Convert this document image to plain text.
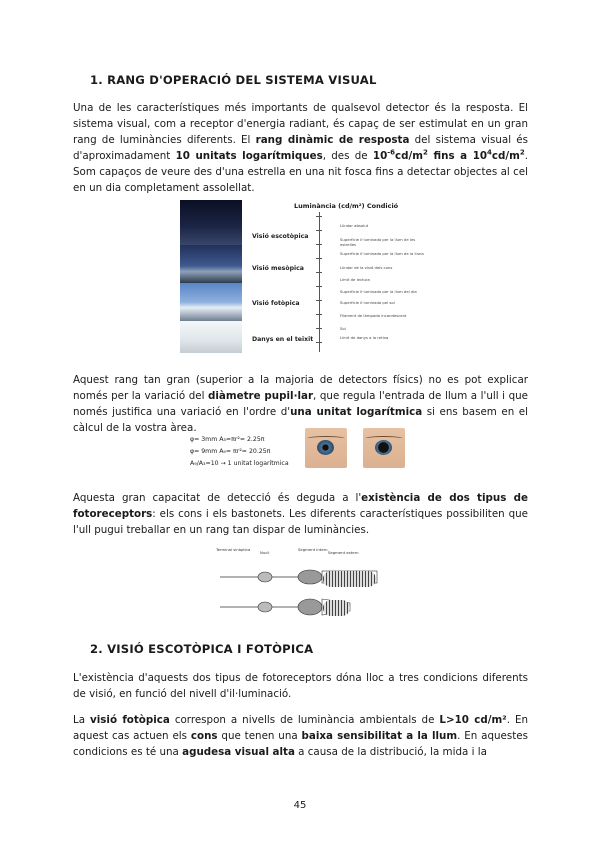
1. RANG D'OPERACIÓ DEL SISTEMA VISUAL

Una de les característiques més importants de qualsevol detector és la resposta. El sistema visual, com a receptor d'energia radiant, és capaç de ser estimulat en un gran rang de luminàncies diferents. El rang dinàmic de resposta del sistema visual és d'aproximadament 10 unitats logarítmiques, des de $10^{-6}cd/m^2$ fins a $10^4cd/m^2$. Som capaços de veure des d'una estrella en una nit fosca fins a detectar objectes al cel en un dia completament assolellat.

Luminància (cd/m²) Condició
Visió escotòpica
Visió mesòpica
Visió fotòpica
Danys en el teixit
Llindar absolut
Superfície il·luminada per la llum de les estrelles
Superfície il·luminada per la llum de la lluna
Llindar de la visió dels cons
Límit de lectura
Superfície il·luminada per la llum del dia
Superfície il·luminada pel sol
Filament de làmpada incandescent
Sol
Límit de danys a la retina

Aquest rang tan gran (superior a la majoria de detectors físics) no es pot explicar només per la variació del diàmetre pupil·lar, que regula l'entrada de llum a l'ull i que només justifica una variació en l'ordre d'una unitat logarítmica si ens basem en el càlcul de la vostra àrea.

φ= 3mm A₃=πr²= 2.25π
φ= 9mm A₉= πr²= 20.25π
A₉/A₃=10 → 1 unitat logarítmica

Aquesta gran capacitat de detecció és deguda a l'existència de dos tipus de fotoreceptors: els cons i els bastonets. Les diferents característiques possibiliten que l'ull pugui treballar en un rang tan dispar de luminàncies.

Terminal sinàptica
Nucli
Segment intern
Segment extern
2. VISIÓ ESCOTÒPICA I FOTÒPICA

L'existència d'aquests dos tipus de fotoreceptors dóna lloc a tres condicions diferents de visió, en funció del nivell d'il·luminació.

La visió fotòpica correspon a nivells de luminància ambientals de L>10 cd/m². En aquest cas actuen els cons que tenen una baixa sensibilitat a la llum. En aquestes condicions es té una agudesa visual alta a causa de la distribució, la mida i la

45
